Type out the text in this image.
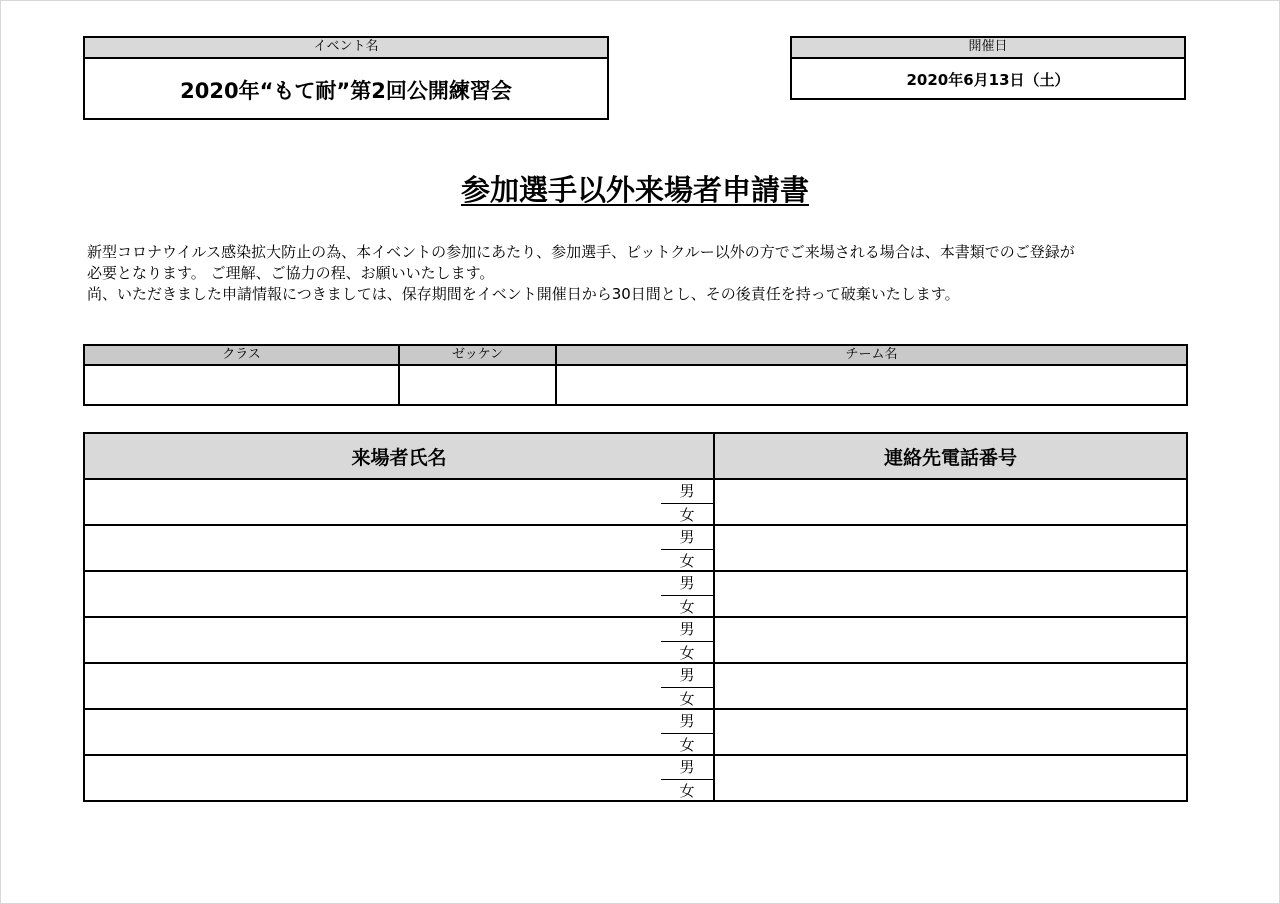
イベント名
2020年“もて耐”第2回公開練習会
開催日
2020年6月13日（土）
参加選手以外来場者申請書
新型コロナウイルス感染拡大防止の為、本イベントの参加にあたり、参加選手、ピットクルー以外の方でご来場される場合は、本書類でのご登録が
必要となります。 ご理解、ご協力の程、お願いいたします。
尚、いただきました申請情報につきましては、保存期間をイベント開催日から30日間とし、その後責任を持って破棄いたします。
クラス	ゼッケン	チーム名

来場者氏名	連絡先電話番号

男
女	

男
女	

男
女	

男
女	

男
女	

男
女	

男
女	
